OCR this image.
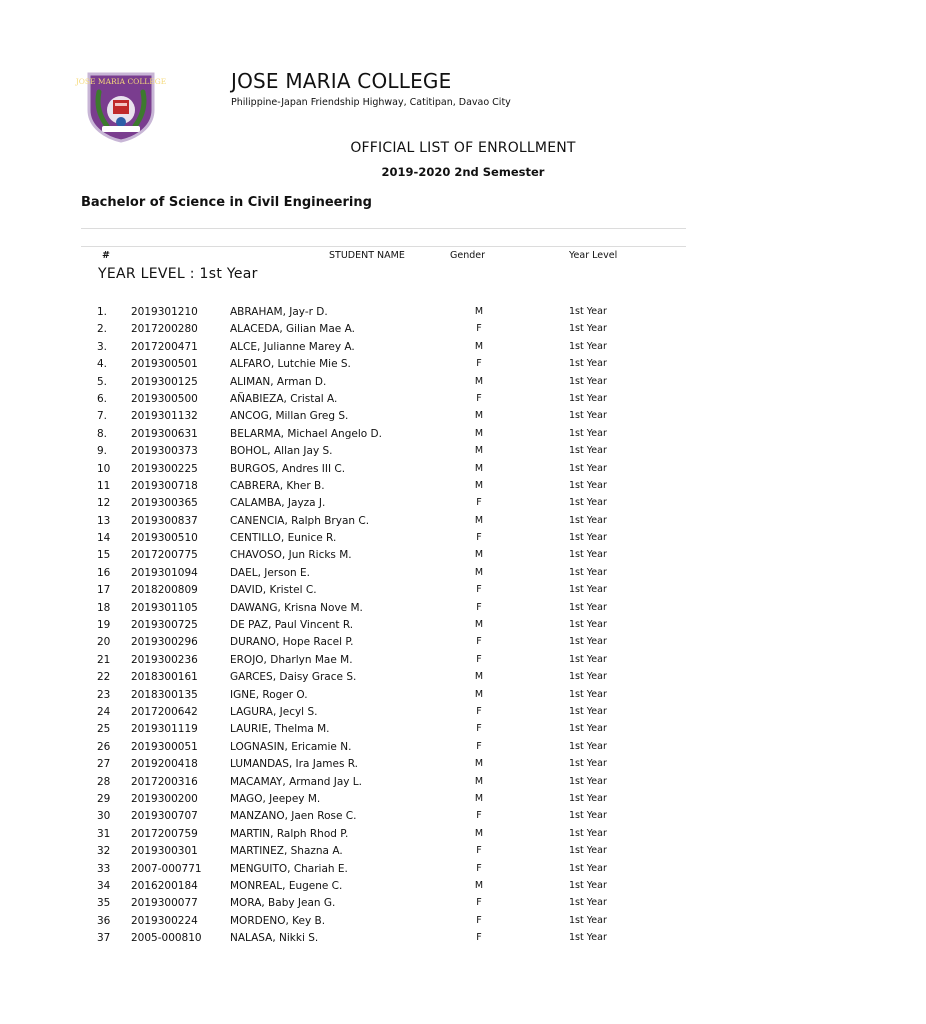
JOSE MARIA COLLEGE	JOSE MARIA COLLEGE
Philippine-Japan Friendship Highway, Catitipan, Davao City
OFFICIAL LIST OF ENROLLMENT
2019-2020 2nd Semester
Bachelor of Science in Civil Engineering
#	STUDENT NAME	Gender	Year Level
YEAR LEVEL : 1st Year
1. 2019301210	ABRAHAM, Jay-r D.	M	1st Year
2. 2017200280	ALACEDA, Gilian Mae A.	F	1st Year
3. 2017200471	ALCE, Julianne Marey A.	M	1st Year
4. 2019300501	ALFARO, Lutchie Mie S.	F	1st Year
5. 2019300125	ALIMAN, Arman D.	M	1st Year
6. 2019300500	AÑABIEZA, Cristal A.	F	1st Year
7. 2019301132	ANCOG, Millan Greg S.	M	1st Year
8. 2019300631	BELARMA, Michael Angelo D.	M	1st Year
9. 2019300373	BOHOL, Allan Jay S.	M	1st Year
10 2019300225	BURGOS, Andres III C.	M	1st Year
11 2019300718	CABRERA, Kher B.	M	1st Year
12 2019300365	CALAMBA, Jayza J.	F	1st Year
13 2019300837	CANENCIA, Ralph Bryan C.	M	1st Year
14 2019300510	CENTILLO, Eunice R.	F	1st Year
15 2017200775	CHAVOSO, Jun Ricks M.	M	1st Year
16 2019301094	DAEL, Jerson E.	M	1st Year
17 2018200809	DAVID, Kristel C.	F	1st Year
18 2019301105	DAWANG, Krisna Nove M.	F	1st Year
19 2019300725	DE PAZ, Paul Vincent R.	M	1st Year
20 2019300296	DURANO, Hope Racel P.	F	1st Year
21 2019300236	EROJO, Dharlyn Mae M.	F	1st Year
22 2018300161	GARCES, Daisy Grace S.	M	1st Year
23 2018300135	IGNE, Roger O.	M	1st Year
24 2017200642	LAGURA, Jecyl S.	F	1st Year
25 2019301119	LAURIE, Thelma M.	F	1st Year
26 2019300051	LOGNASIN, Ericamie N.	F	1st Year
27 2019200418	LUMANDAS, Ira James R.	M	1st Year
28 2017200316	MACAMAY, Armand Jay L.	M	1st Year
29 2019300200	MAGO, Jeepey M.	M	1st Year
30 2019300707	MANZANO, Jaen Rose C.	F	1st Year
31 2017200759	MARTIN, Ralph Rhod P.	M	1st Year
32 2019300301	MARTINEZ, Shazna A.	F	1st Year
33 2007-000771	MENGUITO, Chariah E.	F	1st Year
34 2016200184	MONREAL, Eugene C.	M	1st Year
35 2019300077	MORA, Baby Jean G.	F	1st Year
36 2019300224	MORDENO, Key B.	F	1st Year
37 2005-000810	NALASA, Nikki S.	F	1st Year
